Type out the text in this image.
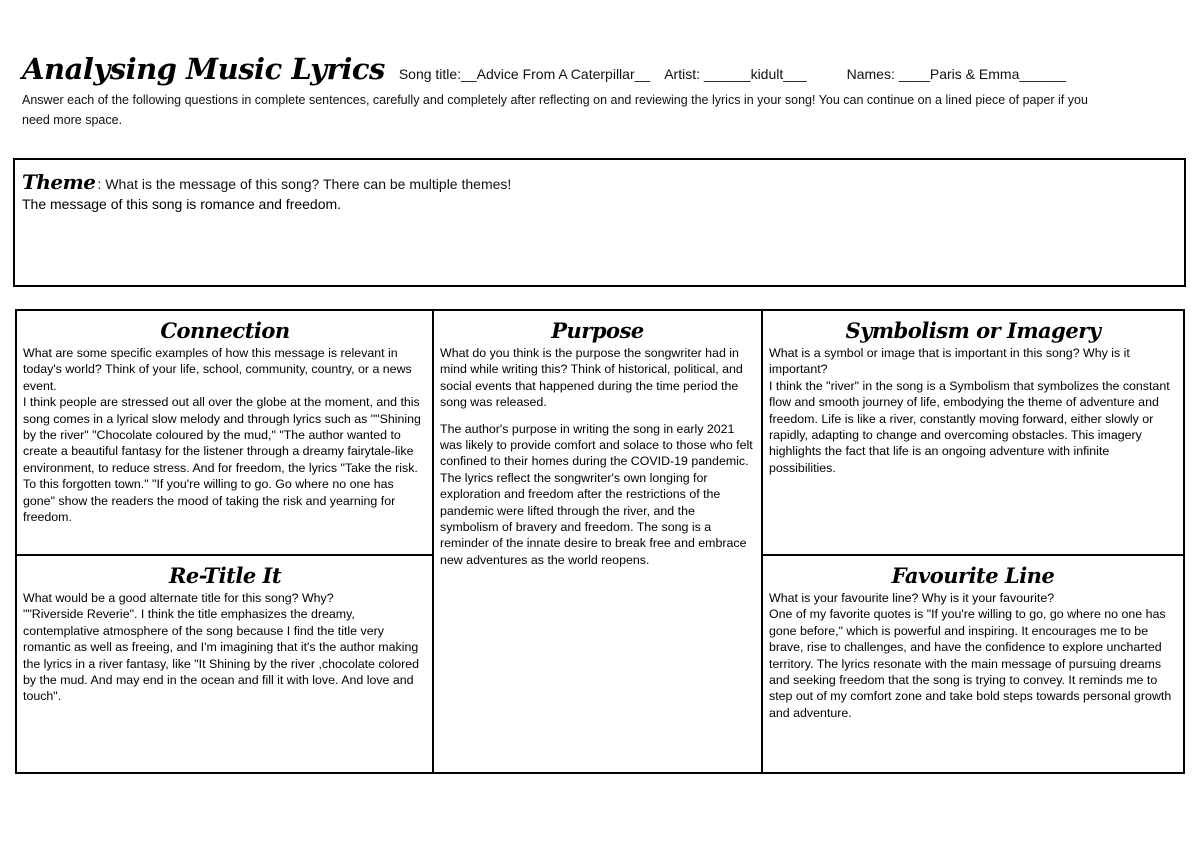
Analysing Music Lyrics Song title:__Advice From A Caterpillar__ Artist: ______kidult___	Names: ____Paris & Emma______
Answer each of the following questions in complete sentences, carefully and completely after reflecting on and reviewing the lyrics in your song! You can continue on a lined piece of paper if you need more space.
Theme : What is the message of this song? There can be multiple themes!
The message of this song is romance and freedom.
Connection

What are some specific examples of how this message is relevant in today's world? Think of your life, school, community, country, or a news event.

I think people are stressed out all over the globe at the moment, and this song comes in a lyrical slow melody and through lyrics such as ""Shining by the river" "Chocolate coloured by the mud," "The author wanted to create a beautiful fantasy for the listener through a dreamy fairytale-like environment, to reduce stress. And for freedom, the lyrics "Take the risk. To this forgotten town." "If you're willing to go. Go where no one has gone" show the readers the mood of taking the risk and yearning for freedom.

Purpose

What do you think is the purpose the songwriter had in mind while writing this? Think of historical, political, and social events that happened during the time period the song was released.

The author's purpose in writing the song in early 2021 was likely to provide comfort and solace to those who felt confined to their homes during the COVID-19 pandemic. The lyrics reflect the songwriter's own longing for exploration and freedom after the restrictions of the pandemic were lifted through the river, and the symbolism of bravery and freedom. The song is a reminder of the innate desire to break free and embrace new adventures as the world reopens.

Symbolism or Imagery

What is a symbol or image that is important in this song? Why is it important?

I think the "river" in the song is a Symbolism that symbolizes the constant flow and smooth journey of life, embodying the theme of adventure and freedom. Life is like a river, constantly moving forward, either slowly or rapidly, adapting to change and overcoming obstacles. This imagery highlights the fact that life is an ongoing adventure with infinite possibilities.

Re-Title It

What would be a good alternate title for this song? Why?

""Riverside Reverie". I think the title emphasizes the dreamy, contemplative atmosphere of the song because I find the title very romantic as well as freeing, and I'm imagining that it's the author making the lyrics in a river fantasy, like "It Shining by the river ,chocolate colored by the mud. And may end in the ocean and fill it with love. And love and touch".

Favourite Line

What is your favourite line? Why is it your favourite?

One of my favorite quotes is "If you're willing to go, go where no one has gone before," which is powerful and inspiring. It encourages me to be brave, rise to challenges, and have the confidence to explore uncharted territory. The lyrics resonate with the main message of pursuing dreams and seeking freedom that the song is trying to convey. It reminds me to step out of my comfort zone and take bold steps towards personal growth and adventure.
